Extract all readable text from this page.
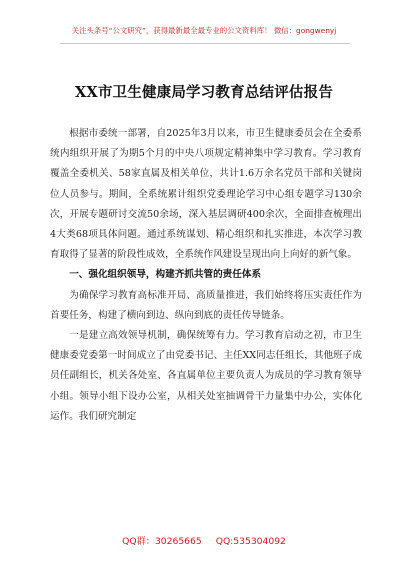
关注头条号“公文研究”，获得最新最全最专业的公文资料库！ 微信：gongwenyj
XX市卫生健康局学习教育总结评估报告

根据市委统一部署，自2025年3月以来，市卫生健康委员会在全委系统内组织开展了为期5个月的中央八项规定精神集中学习教育。学习教育覆盖全委机关、58家直属及相关单位，共计1.6万余名党员干部和关键岗位人员参与。期间，全系统累计组织党委理论学习中心组专题学习130余次，开展专题研讨交流50余场，深入基层调研400余次，全面排查梳理出4大类68项具体问题。通过系统谋划、精心组织和扎实推进，本次学习教育取得了显著的阶段性成效，全系统作风建设呈现出向上向好的新气象。

一、强化组织领导，构建齐抓共管的责任体系

为确保学习教育高标准开局、高质量推进，我们始终将压实责任作为首要任务，构建了横向到边、纵向到底的责任传导链条。

一是建立高效领导机制，确保统筹有力。学习教育启动之初，市卫生健康委党委第一时间成立了由党委书记、主任XX同志任组长，其他班子成员任副组长，机关各处室、各直属单位主要负责人为成员的学习教育领导小组。领导小组下设办公室，从相关处室抽调骨干力量集中办公，实体化运作。我们研究制定

QQ群：30265665 QQ:535304092
